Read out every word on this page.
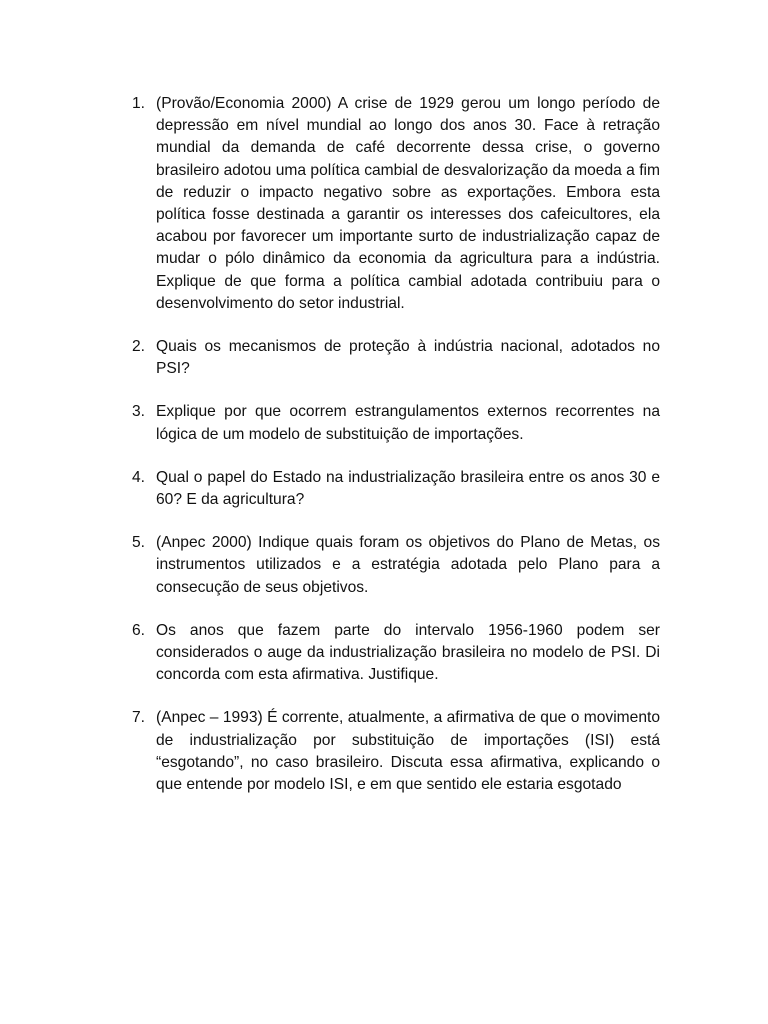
1. (Provão/Economia 2000) A crise de 1929 gerou um longo período de depressão em nível mundial ao longo dos anos 30. Face à retração mundial da demanda de café decorrente dessa crise, o governo brasileiro adotou uma política cambial de desvalorização da moeda a fim de reduzir o impacto negativo sobre as exportações. Embora esta política fosse destinada a garantir os interesses dos cafeicultores, ela acabou por favorecer um importante surto de industrialização capaz de mudar o pólo dinâmico da economia da agricultura para a indústria. Explique de que forma a política cambial adotada contribuiu para o desenvolvimento do setor industrial.
2. Quais os mecanismos de proteção à indústria nacional, adotados no PSI?
3. Explique por que ocorrem estrangulamentos externos recorrentes na lógica de um modelo de substituição de importações.
4. Qual o papel do Estado na industrialização brasileira entre os anos 30 e 60? E da agricultura?
5. (Anpec 2000) Indique quais foram os objetivos do Plano de Metas, os instrumentos utilizados e a estratégia adotada pelo Plano para a consecução de seus objetivos.
6. Os anos que fazem parte do intervalo 1956-1960 podem ser considerados o auge da industrialização brasileira no modelo de PSI. Di concorda com esta afirmativa. Justifique.
7. (Anpec – 1993) É corrente, atualmente, a afirmativa de que o movimento de industrialização por substituição de importações (ISI) está “esgotando”, no caso brasileiro. Discuta essa afirmativa, explicando o que entende por modelo ISI, e em que sentido ele estaria esgotado
